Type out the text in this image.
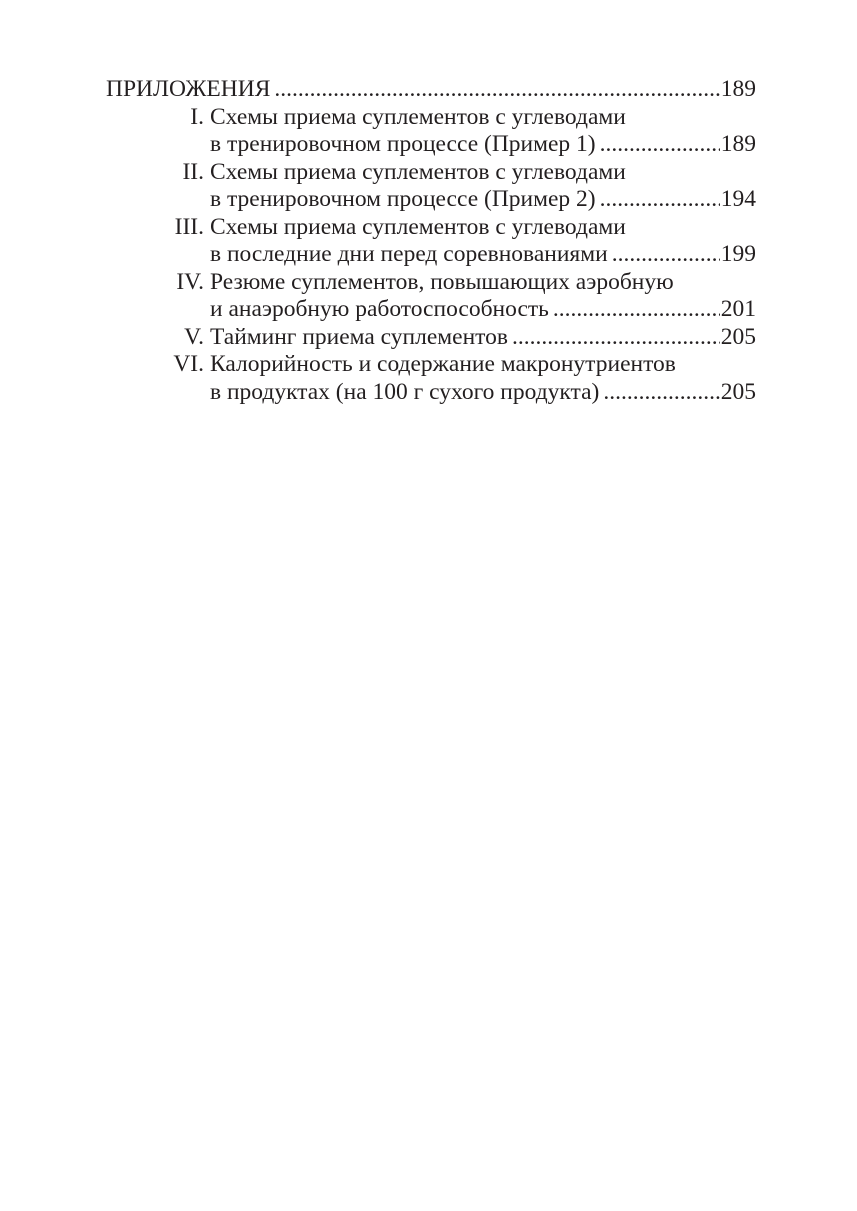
ПРИЛОЖЕНИЯ .....	189
I. Схемы приема суплементов с углеводами
в тренировочном процессе (Пример 1) .....	189
II. Схемы приема суплементов с углеводами
в тренировочном процессе (Пример 2) .....	194
III. Схемы приема суплементов с углеводами
в последние дни перед соревнованиями .....	199
IV. Резюме суплементов, повышающих аэробную
и анаэробную работоспособность .....	201
V. Тайминг приема суплементов .....	205
VI. Калорийность и содержание макронутриентов
в продуктах (на 100 г сухого продукта) .....	205
